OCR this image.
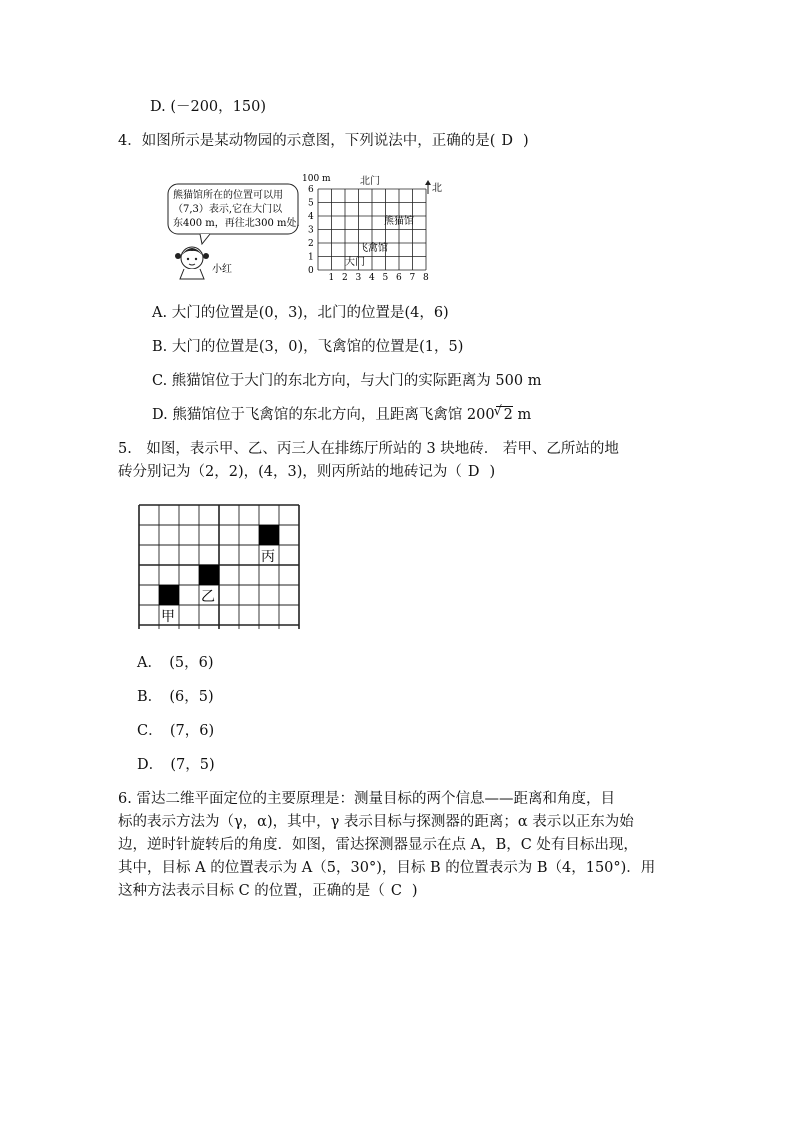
D. (－200，150)
4．如图所示是某动物园的示意图，下列说法中，正确的是( D )
熊猫馆所在的位置可以用
（7,3）表示,它在大门以
东400 m，再往北300 m处.
小红
100 m	北门
北
熊猫馆
飞禽馆
大门
1 2 3 4 5 6 7 8
0
1
2
3
4
5
6
A. 大门的位置是(0，3)，北门的位置是(4，6)
B. 大门的位置是(3，0)，飞禽馆的位置是(1，5)
C. 熊猫馆位于大门的东北方向，与大门的实际距离为 500 m
D. 熊猫馆位于飞禽馆的东北方向，且距离飞禽馆 200√ 2 m
5.　如图，表示甲、乙、丙三人在排练厅所站的 3 块地砖． 若甲、乙所站的地
砖分别记为（2，2)，(4，3)，则丙所站的地砖记为（ D )
丙
乙
甲
A．　(5，6)
B．　(6，5)
C．　(7，6)
D．　(7，5)
6. 雷达二维平面定位的主要原理是：测量目标的两个信息——距离和角度，目
标的表示方法为（γ，α)，其中，γ 表示目标与探测器的距离；α 表示以正东为始
边，逆时针旋转后的角度．如图，雷达探测器显示在点 A，B，C 处有目标出现，
其中，目标 A 的位置表示为 A（5，30°)，目标 B 的位置表示为 B（4，150°)．用
这种方法表示目标 C 的位置，正确的是（ C )
